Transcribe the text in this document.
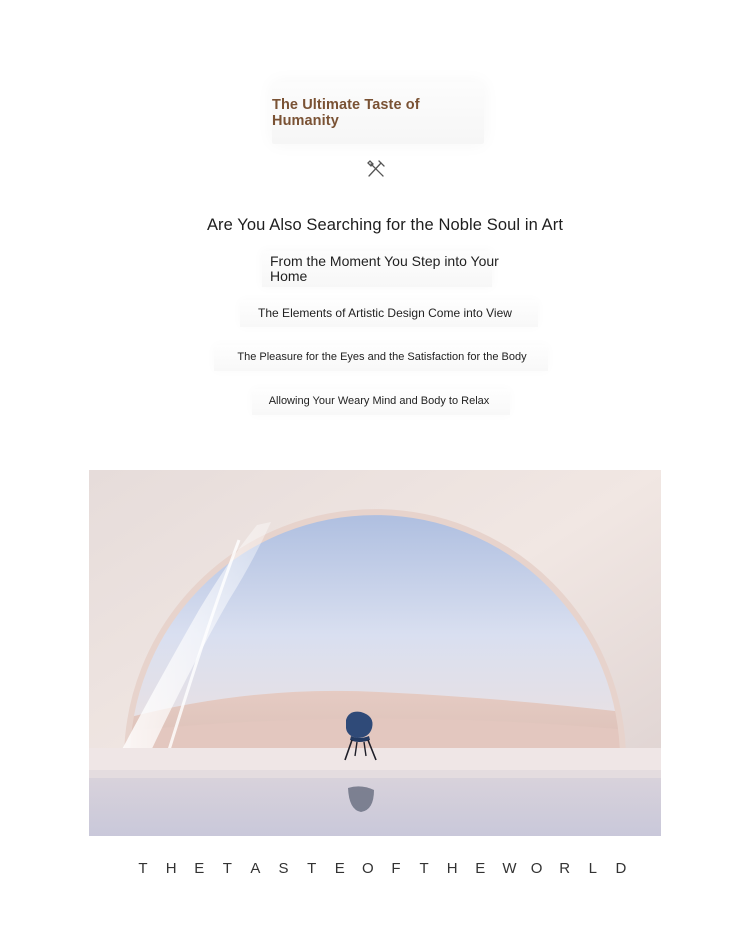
The Ultimate Taste of Humanity
Are You Also Searching for the Noble Soul in Art
From the Moment You Step into Your Home
The Elements of Artistic Design Come into View
The Pleasure for the Eyes and the Satisfaction for the Body
Allowing Your Weary Mind and Body to Relax
T H E T A S T E O F T H E W O R L D
